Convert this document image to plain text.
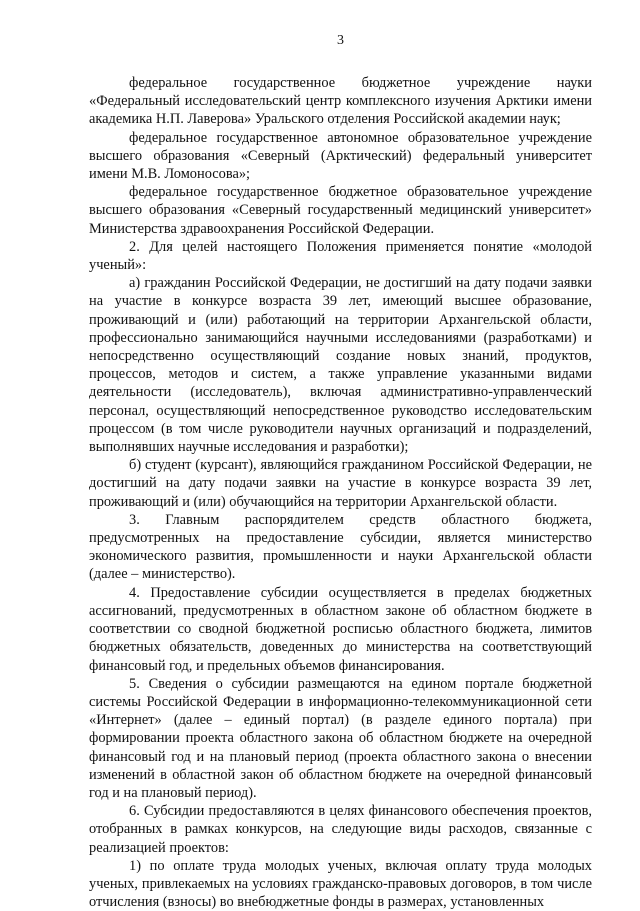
3

федеральное государственное бюджетное учреждение науки «Федеральный исследовательский центр комплексного изучения Арктики имени академика Н.П. Лаверова» Уральского отделения Российской академии наук;

федеральное государственное автономное образовательное учреждение высшего образования «Северный (Арктический) федеральный университет имени М.В. Ломоносова»;

федеральное государственное бюджетное образовательное учреждение высшего образования «Северный государственный медицинский университет» Министерства здравоохранения Российской Федерации.

2. Для целей настоящего Положения применяется понятие «молодой ученый»:

а) гражданин Российской Федерации, не достигший на дату подачи заявки на участие в конкурсе возраста 39 лет, имеющий высшее образование, проживающий и (или) работающий на территории Архангельской области, профессионально занимающийся научными исследованиями (разработками) и непосредственно осуществляющий создание новых знаний, продуктов, процессов, методов и систем, а также управление указанными видами деятельности (исследователь), включая административно-управленческий персонал, осуществляющий непосредственное руководство исследовательским процессом (в том числе руководители научных организаций и подразделений, выполнявших научные исследования и разработки);

б) студент (курсант), являющийся гражданином Российской Федерации, не достигший на дату подачи заявки на участие в конкурсе возраста 39 лет, проживающий и (или) обучающийся на территории Архангельской области.

3. Главным распорядителем средств областного бюджета, предусмотренных на предоставление субсидии, является министерство экономического развития, промышленности и науки Архангельской области (далее – министерство).

4. Предоставление субсидии осуществляется в пределах бюджетных ассигнований, предусмотренных в областном законе об областном бюджете в соответствии со сводной бюджетной росписью областного бюджета, лимитов бюджетных обязательств, доведенных до министерства на соответствующий финансовый год, и предельных объемов финансирования.

5. Сведения о субсидии размещаются на едином портале бюджетной системы Российской Федерации в информационно-телекоммуникационной сети «Интернет» (далее – единый портал) (в разделе единого портала) при формировании проекта областного закона об областном бюджете на очередной финансовый год и на плановый период (проекта областного закона о внесении изменений в областной закон об областном бюджете на очередной финансовый год и на плановый период).

6. Субсидии предоставляются в целях финансового обеспечения проектов, отобранных в рамках конкурсов, на следующие виды расходов, связанные с реализацией проектов:

1) по оплате труда молодых ученых, включая оплату труда молодых ученых, привлекаемых на условиях гражданско-правовых договоров, в том числе отчисления (взносы) во внебюджетные фонды в размерах, установленных
